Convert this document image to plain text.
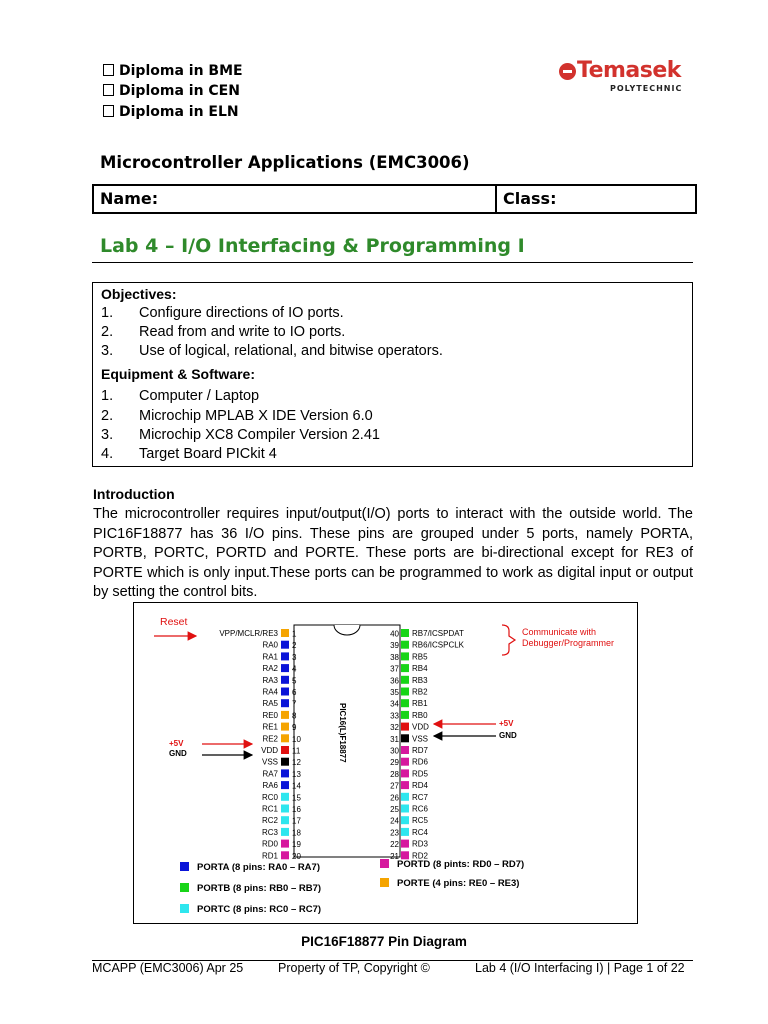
Diploma in BME
Diploma in CEN
Diploma in ELN
Temasek
POLYTECHNIC
Microcontroller Applications (EMC3006)
Name:	Class:
Lab 4 – I/O Interfacing & Programming I
Objectives:
1. Configure directions of IO ports.
2. Read from and write to IO ports.
3. Use of logical, relational, and bitwise operators.
Equipment & Software:
1. Computer / Laptop
2. Microchip MPLAB X IDE Version 6.0
3. Microchip XC8 Compiler Version 2.41
4. Target Board PICkit 4
Introduction
The microcontroller requires input/output(I/O) ports to interact with the outside world. The PIC16F18877 has 36 I/O pins. These pins are grouped under 5 ports, namely PORTA, PORTB, PORTC, PORTD and PORTE. These ports are bi-directional except for RE3 of PORTE which is only input.These ports can be programmed to work as digital input or output by setting the control bits.
PIC16(L)F18877
VPP/MCLR/RE3 1
RA0 2
RA1 3
RA2 4
RA3 5
RA4 6
RA5 7
RE0 8
RE1 9
RE2 10
VDD 11
VSS 12
RA7 13
RA6 14
RC0 15
RC1 16
RC2 17
RC3 18
RD0 19
RD1 20
40 RB7/ICSPDAT
39 RB6/ICSPCLK
38 RB5
37 RB4
36 RB3
35 RB2
34 RB1
33 RB0
32 VDD
31 VSS
30 RD7
29 RD6
28 RD5
27 RD4
26 RC7
25 RC6
24 RC5
23 RC4
22 RD3
21 RD2
Reset
+5V
GND
+5V
GND
Communicate with
Debugger/Programmer
PORTA (8 pins: RA0 – RA7)
PORTB (8 pins: RB0 – RB7)
PORTC (8 pins: RC0 – RC7)
PORTD (8 pints: RD0 – RD7)
PORTE (4 pins: RE0 – RE3)
PIC16F18877 Pin Diagram
MCAPP (EMC3006) Apr 25	Property of TP, Copyright ©	Lab 4 (I/O Interfacing I) | Page 1 of 22
